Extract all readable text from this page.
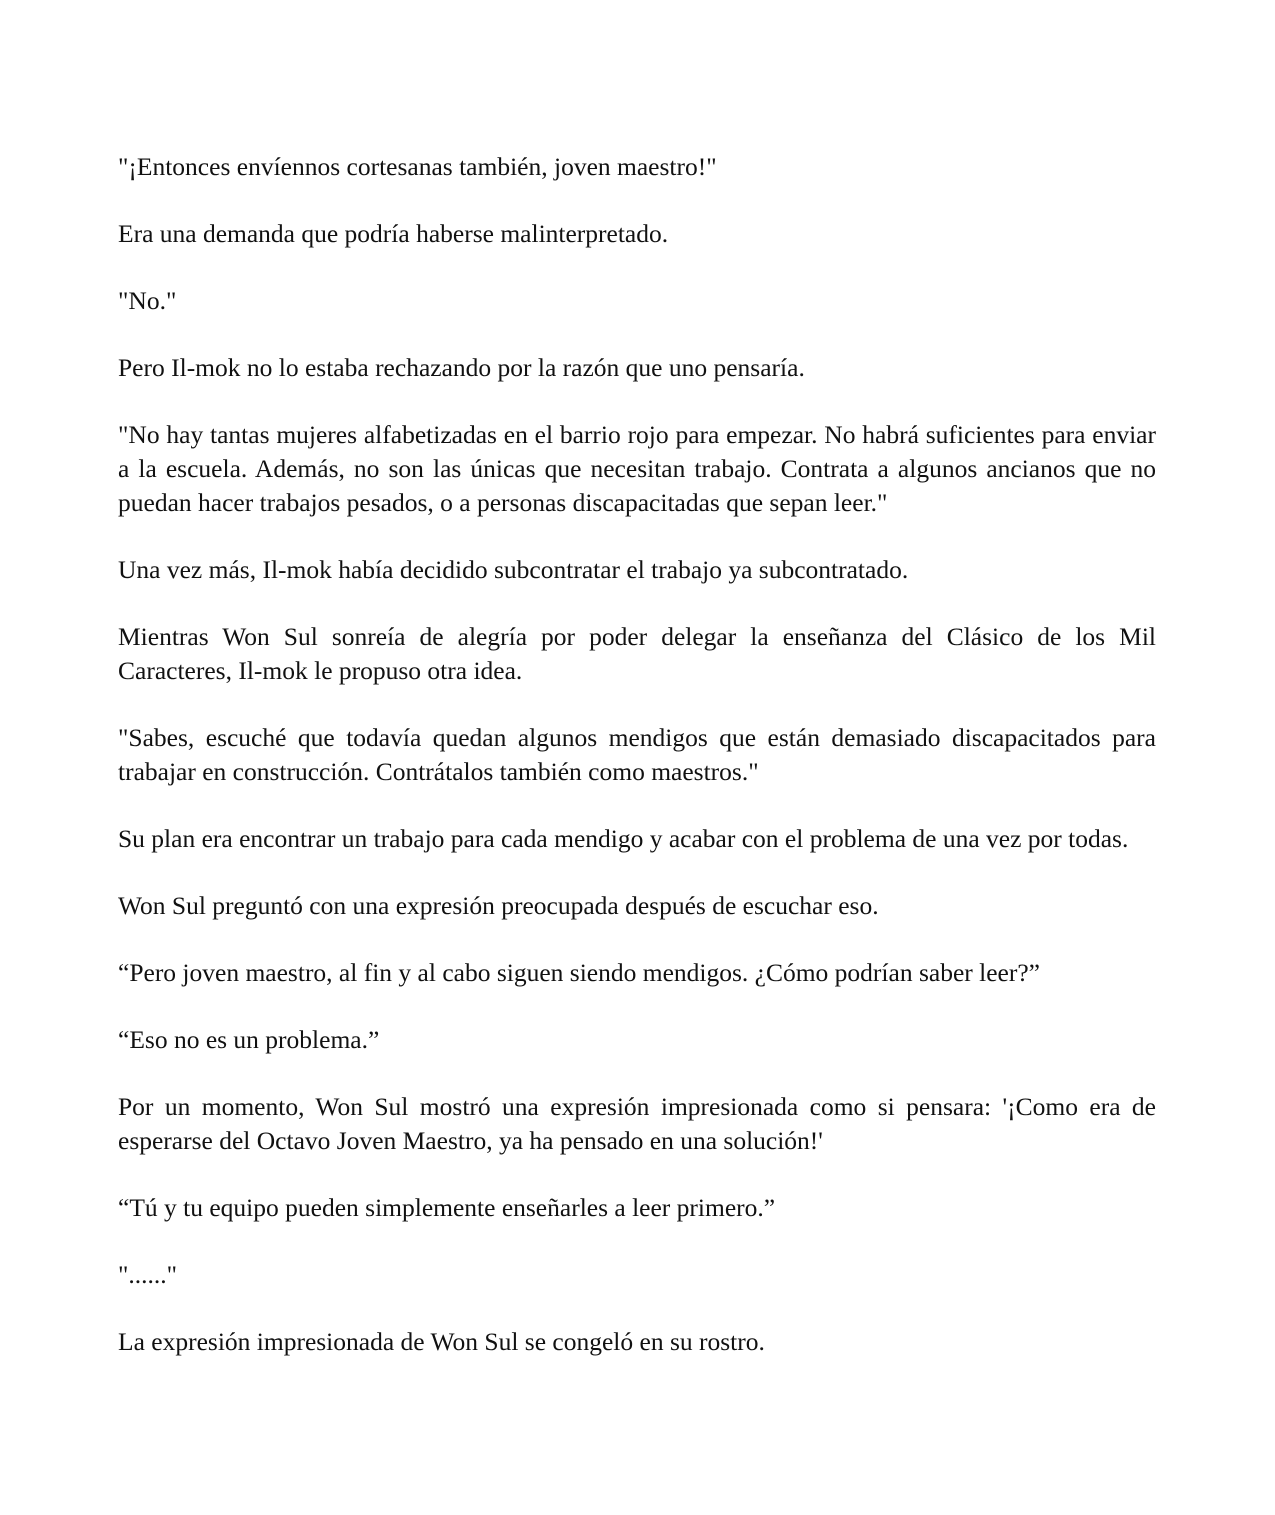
"¡Entonces envíennos cortesanas también, joven maestro!"

Era una demanda que podría haberse malinterpretado.

"No."

Pero Il-mok no lo estaba rechazando por la razón que uno pensaría.

"No hay tantas mujeres alfabetizadas en el barrio rojo para empezar. No habrá suficientes para enviar a la escuela. Además, no son las únicas que necesitan trabajo. Contrata a algunos ancianos que no puedan hacer trabajos pesados, o a personas discapacitadas que sepan leer."

Una vez más, Il-mok había decidido subcontratar el trabajo ya subcontratado.

Mientras Won Sul sonreía de alegría por poder delegar la enseñanza del Clásico de los Mil Caracteres, Il-mok le propuso otra idea.

"Sabes, escuché que todavía quedan algunos mendigos que están demasiado discapacitados para trabajar en construcción. Contrátalos también como maestros."

Su plan era encontrar un trabajo para cada mendigo y acabar con el problema de una vez por todas.

Won Sul preguntó con una expresión preocupada después de escuchar eso.

“Pero joven maestro, al fin y al cabo siguen siendo mendigos. ¿Cómo podrían saber leer?”

“Eso no es un problema.”

Por un momento, Won Sul mostró una expresión impresionada como si pensara: '¡Como era de esperarse del Octavo Joven Maestro, ya ha pensado en una solución!'

“Tú y tu equipo pueden simplemente enseñarles a leer primero.”

"......"

La expresión impresionada de Won Sul se congeló en su rostro.
